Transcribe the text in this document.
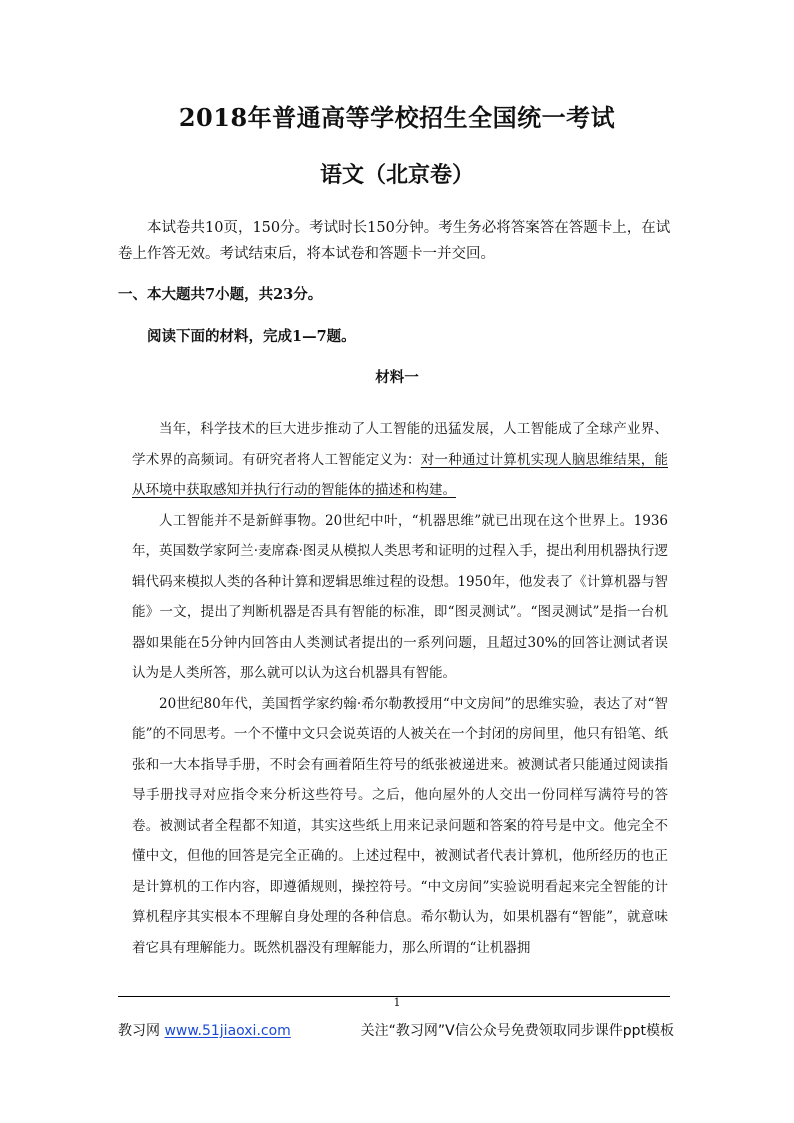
2018年普通高等学校招生全国统一考试
语文（北京卷）

本试卷共10页，150分。考试时长150分钟。考生务必将答案答在答题卡上，在试卷上作答无效。考试结束后，将本试卷和答题卡一并交回。

一、本大题共7小题，共23分。
阅读下面的材料，完成1—7题。
材料一

当年，科学技术的巨大进步推动了人工智能的迅猛发展，人工智能成了全球产业界、学术界的高频词。有研究者将人工智能定义为：对一种通过计算机实现人脑思维结果，能从环境中获取感知并执行行动的智能体的描述和构建。

人工智能并不是新鲜事物。20世纪中叶，“机器思维”就已出现在这个世界上。1936年，英国数学家阿兰·麦席森·图灵从模拟人类思考和证明的过程入手，提出利用机器执行逻辑代码来模拟人类的各种计算和逻辑思维过程的设想。1950年，他发表了《计算机器与智能》一文，提出了判断机器是否具有智能的标准，即“图灵测试”。“图灵测试”是指一台机器如果能在5分钟内回答由人类测试者提出的一系列问题，且超过30%的回答让测试者误认为是人类所答，那么就可以认为这台机器具有智能。

20世纪80年代，美国哲学家约翰·希尔勒教授用“中文房间”的思维实验，表达了对“智能”的不同思考。一个不懂中文只会说英语的人被关在一个封闭的房间里，他只有铅笔、纸张和一大本指导手册，不时会有画着陌生符号的纸张被递进来。被测试者只能通过阅读指导手册找寻对应指令来分析这些符号。之后，他向屋外的人交出一份同样写满符号的答卷。被测试者全程都不知道，其实这些纸上用来记录问题和答案的符号是中文。他完全不懂中文，但他的回答是完全正确的。上述过程中，被测试者代表计算机，他所经历的也正是计算机的工作内容，即遵循规则，操控符号。“中文房间”实验说明看起来完全智能的计算机程序其实根本不理解自身处理的各种信息。希尔勒认为，如果机器有“智能”，就意味着它具有理解能力。既然机器没有理解能力，那么所谓的“让机器拥

1
教习网 www.51jiaoxi.com	关注“教习网”V信公众号免费领取同步课件ppt模板
